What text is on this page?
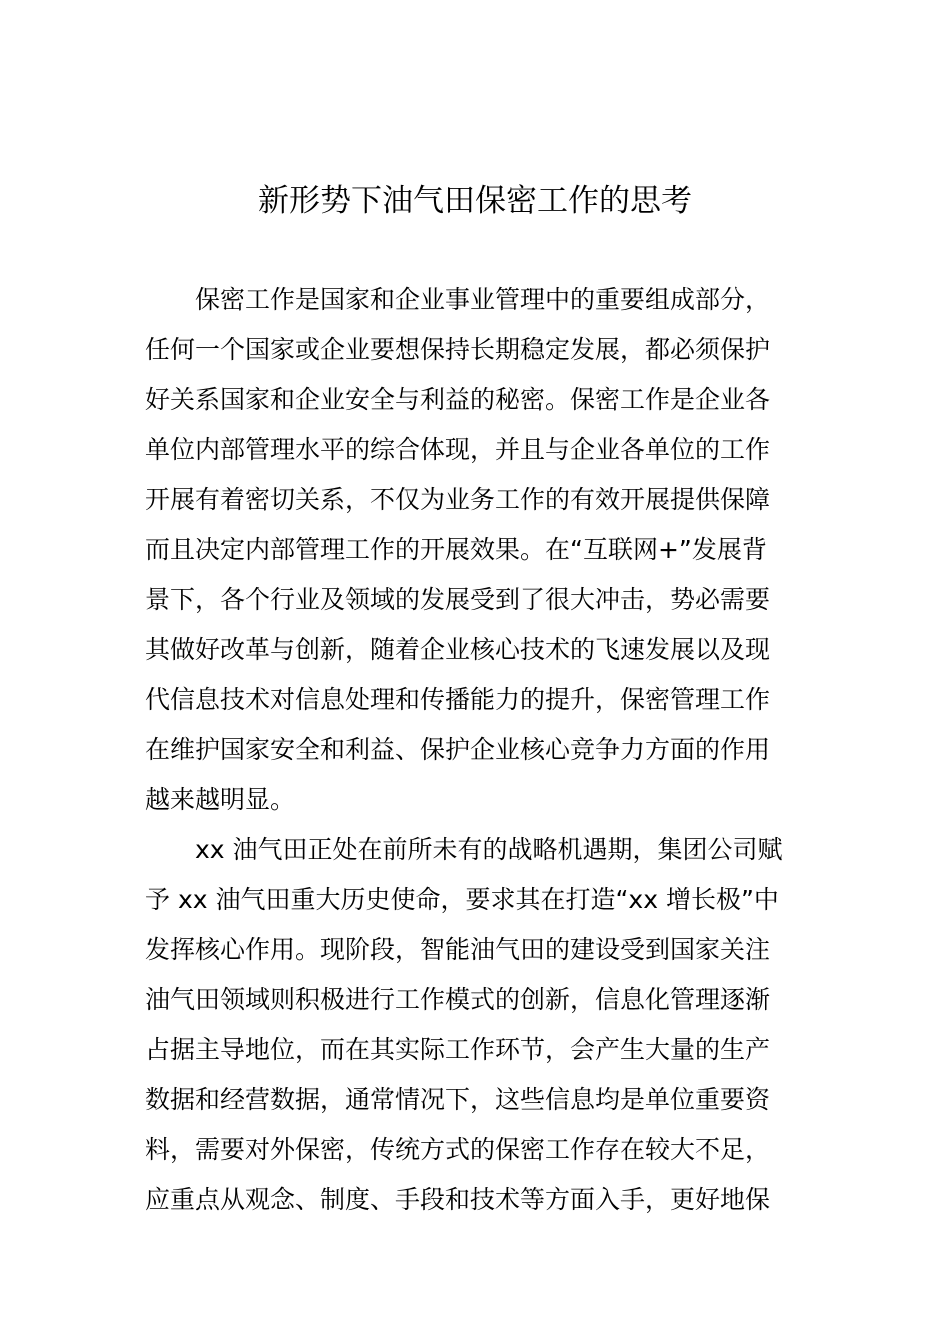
新形势下油气田保密工作的思考
保密工作是国家和企业事业管理中的重要组成部分，
任何一个国家或企业要想保持长期稳定发展，都必须保护
好关系国家和企业安全与利益的秘密。保密工作是企业各
单位内部管理水平的综合体现，并且与企业各单位的工作
开展有着密切关系，不仅为业务工作的有效开展提供保障
而且决定内部管理工作的开展效果。在“互联网+”发展背
景下，各个行业及领域的发展受到了很大冲击，势必需要
其做好改革与创新，随着企业核心技术的飞速发展以及现
代信息技术对信息处理和传播能力的提升，保密管理工作
在维护国家安全和利益、保护企业核心竞争力方面的作用
越来越明显。
xx 油气田正处在前所未有的战略机遇期，集团公司赋
予 xx 油气田重大历史使命，要求其在打造“xx 增长极”中
发挥核心作用。现阶段，智能油气田的建设受到国家关注
油气田领域则积极进行工作模式的创新，信息化管理逐渐
占据主导地位，而在其实际工作环节，会产生大量的生产
数据和经营数据，通常情况下，这些信息均是单位重要资
料，需要对外保密，传统方式的保密工作存在较大不足，
应重点从观念、制度、手段和技术等方面入手，更好地保
